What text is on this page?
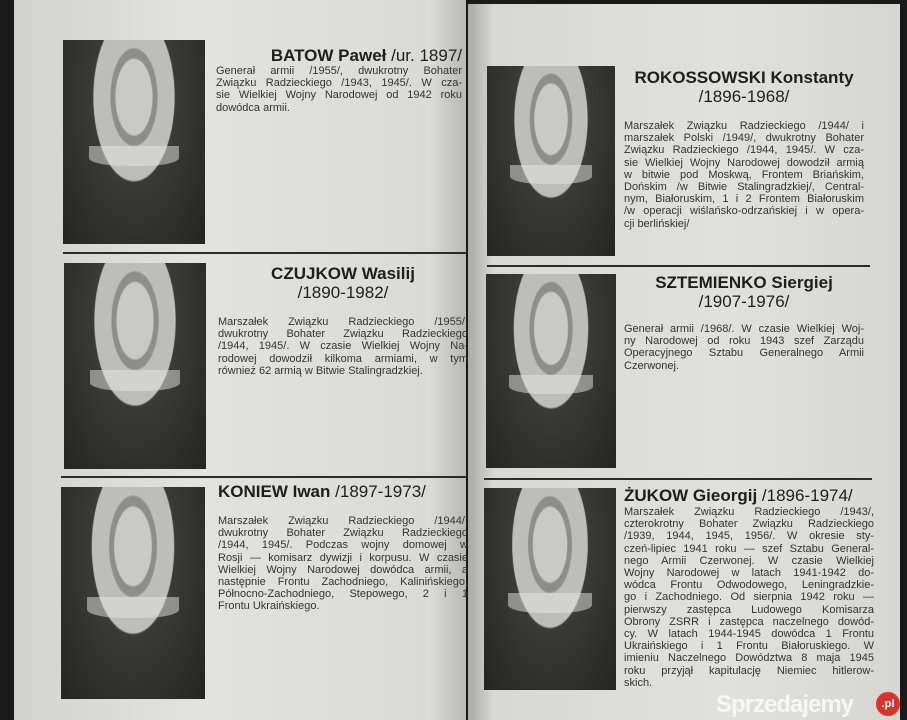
BATOW Paweł /ur. 1897/
Generał armii /1955/, dwukrotny Bohater
Związku Radzieckiego /1943, 1945/. W cza-
sie Wielkiej Wojny Narodowej od 1942 roku
dowódca armii.
CZUJKOW Wasilij
/1890-1982/
Marszałek Związku Radzieckiego /1955/,
dwukrotny Bohater Związku Radzieckiego
/1944, 1945/. W czasie Wielkiej Wojny Na-
rodowej dowodził kilkoma armiami, w tym
również 62 armią w Bitwie Stalingradzkiej.
KONIEW Iwan /1897-1973/
Marszałek Związku Radzieckiego /1944/,
dwukrotny Bohater Związku Radzieckiego
/1944, 1945/. Podczas wojny domowej w
Rosji — komisarz dywizji i korpusu. W czasie
Wielkiej Wojny Narodowej dowódca armii, a
następnie Frontu Zachodniego, Kalinińskiego,
Północno-Zachodniego, Stepowego, 2 i 1
Frontu Ukraińskiego.
ROKOSSOWSKI Konstanty
/1896-1968/
Marszałek Związku Radzieckiego /1944/ i
marszałek Polski /1949/, dwukrotny Bohater
Związku Radzieckiego /1944, 1945/. W cza-
sie Wielkiej Wojny Narodowej dowodził armią
w bitwie pod Moskwą, Frontem Briańskim,
Dońskim /w Bitwie Stalingradzkiej/, Central-
nym, Białoruskim, 1 i 2 Frontem Białoruskim
/w operacji wiślańsko-odrzańskiej i w opera-
cji berlińskiej/
SZTEMIENKO Siergiej
/1907-1976/
Generał armii /1968/. W czasie Wielkiej Woj-
ny Narodowej od roku 1943 szef Zarządu
Operacyjnego Sztabu Generalnego Armii
Czerwonej.
ŻUKOW Gieorgij /1896-1974/
Marszałek Związku Radzieckiego /1943/,
czterokrotny Bohater Związku Radzieckiego
/1939, 1944, 1945, 1956/. W okresie sty-
czeń-lipiec 1941 roku — szef Sztabu General-
nego Armii Czerwonej. W czasie Wielkiej
Wojny Narodowej w latach 1941-1942 do-
wódca Frontu Odwodowego, Leningradzkie-
go i Zachodniego. Od sierpnia 1942 roku —
pierwszy zastępca Ludowego Komisarza
Obrony ZSRR i zastępca naczelnego dowód-
cy. W latach 1944-1945 dowódca 1 Frontu
Ukraińskiego i 1 Frontu Białoruskiego. W
imieniu Naczelnego Dowództwa 8 maja 1945
roku przyjął kapitulację Niemiec hitlerow-
skich.
Sprzedajemy	.pl
